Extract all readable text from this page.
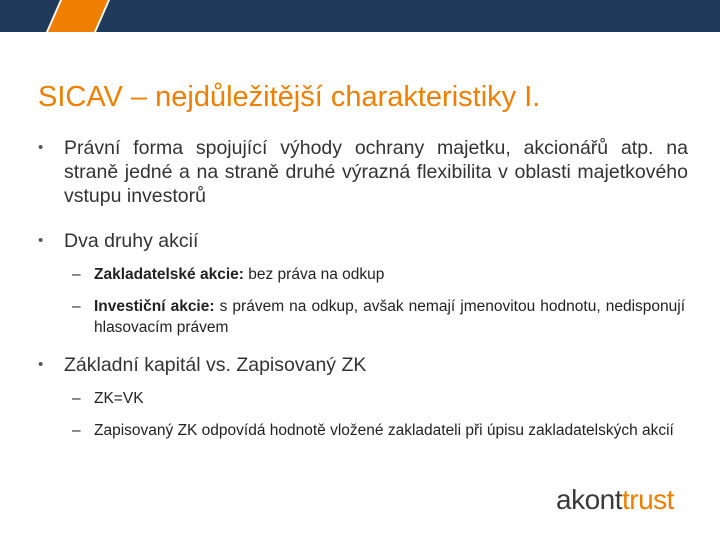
SICAV – nejdůležitější charakteristiky I.
• Právní forma spojující výhody ochrany majetku, akcionářů atp. na straně jedné a na straně druhé výrazná flexibilita v oblasti majetkového vstupu investorů
• Dva druhy akcií
– Zakladatelské akcie: bez práva na odkup
– Investiční akcie: s právem na odkup, avšak nemají jmenovitou hodnotu, nedisponují hlasovacím právem
• Základní kapitál vs. Zapisovaný ZK
– ZK=VK
– Zapisovaný ZK odpovídá hodnotě vložené zakladateli při úpisu zakladatelských akcií
akonttrust
